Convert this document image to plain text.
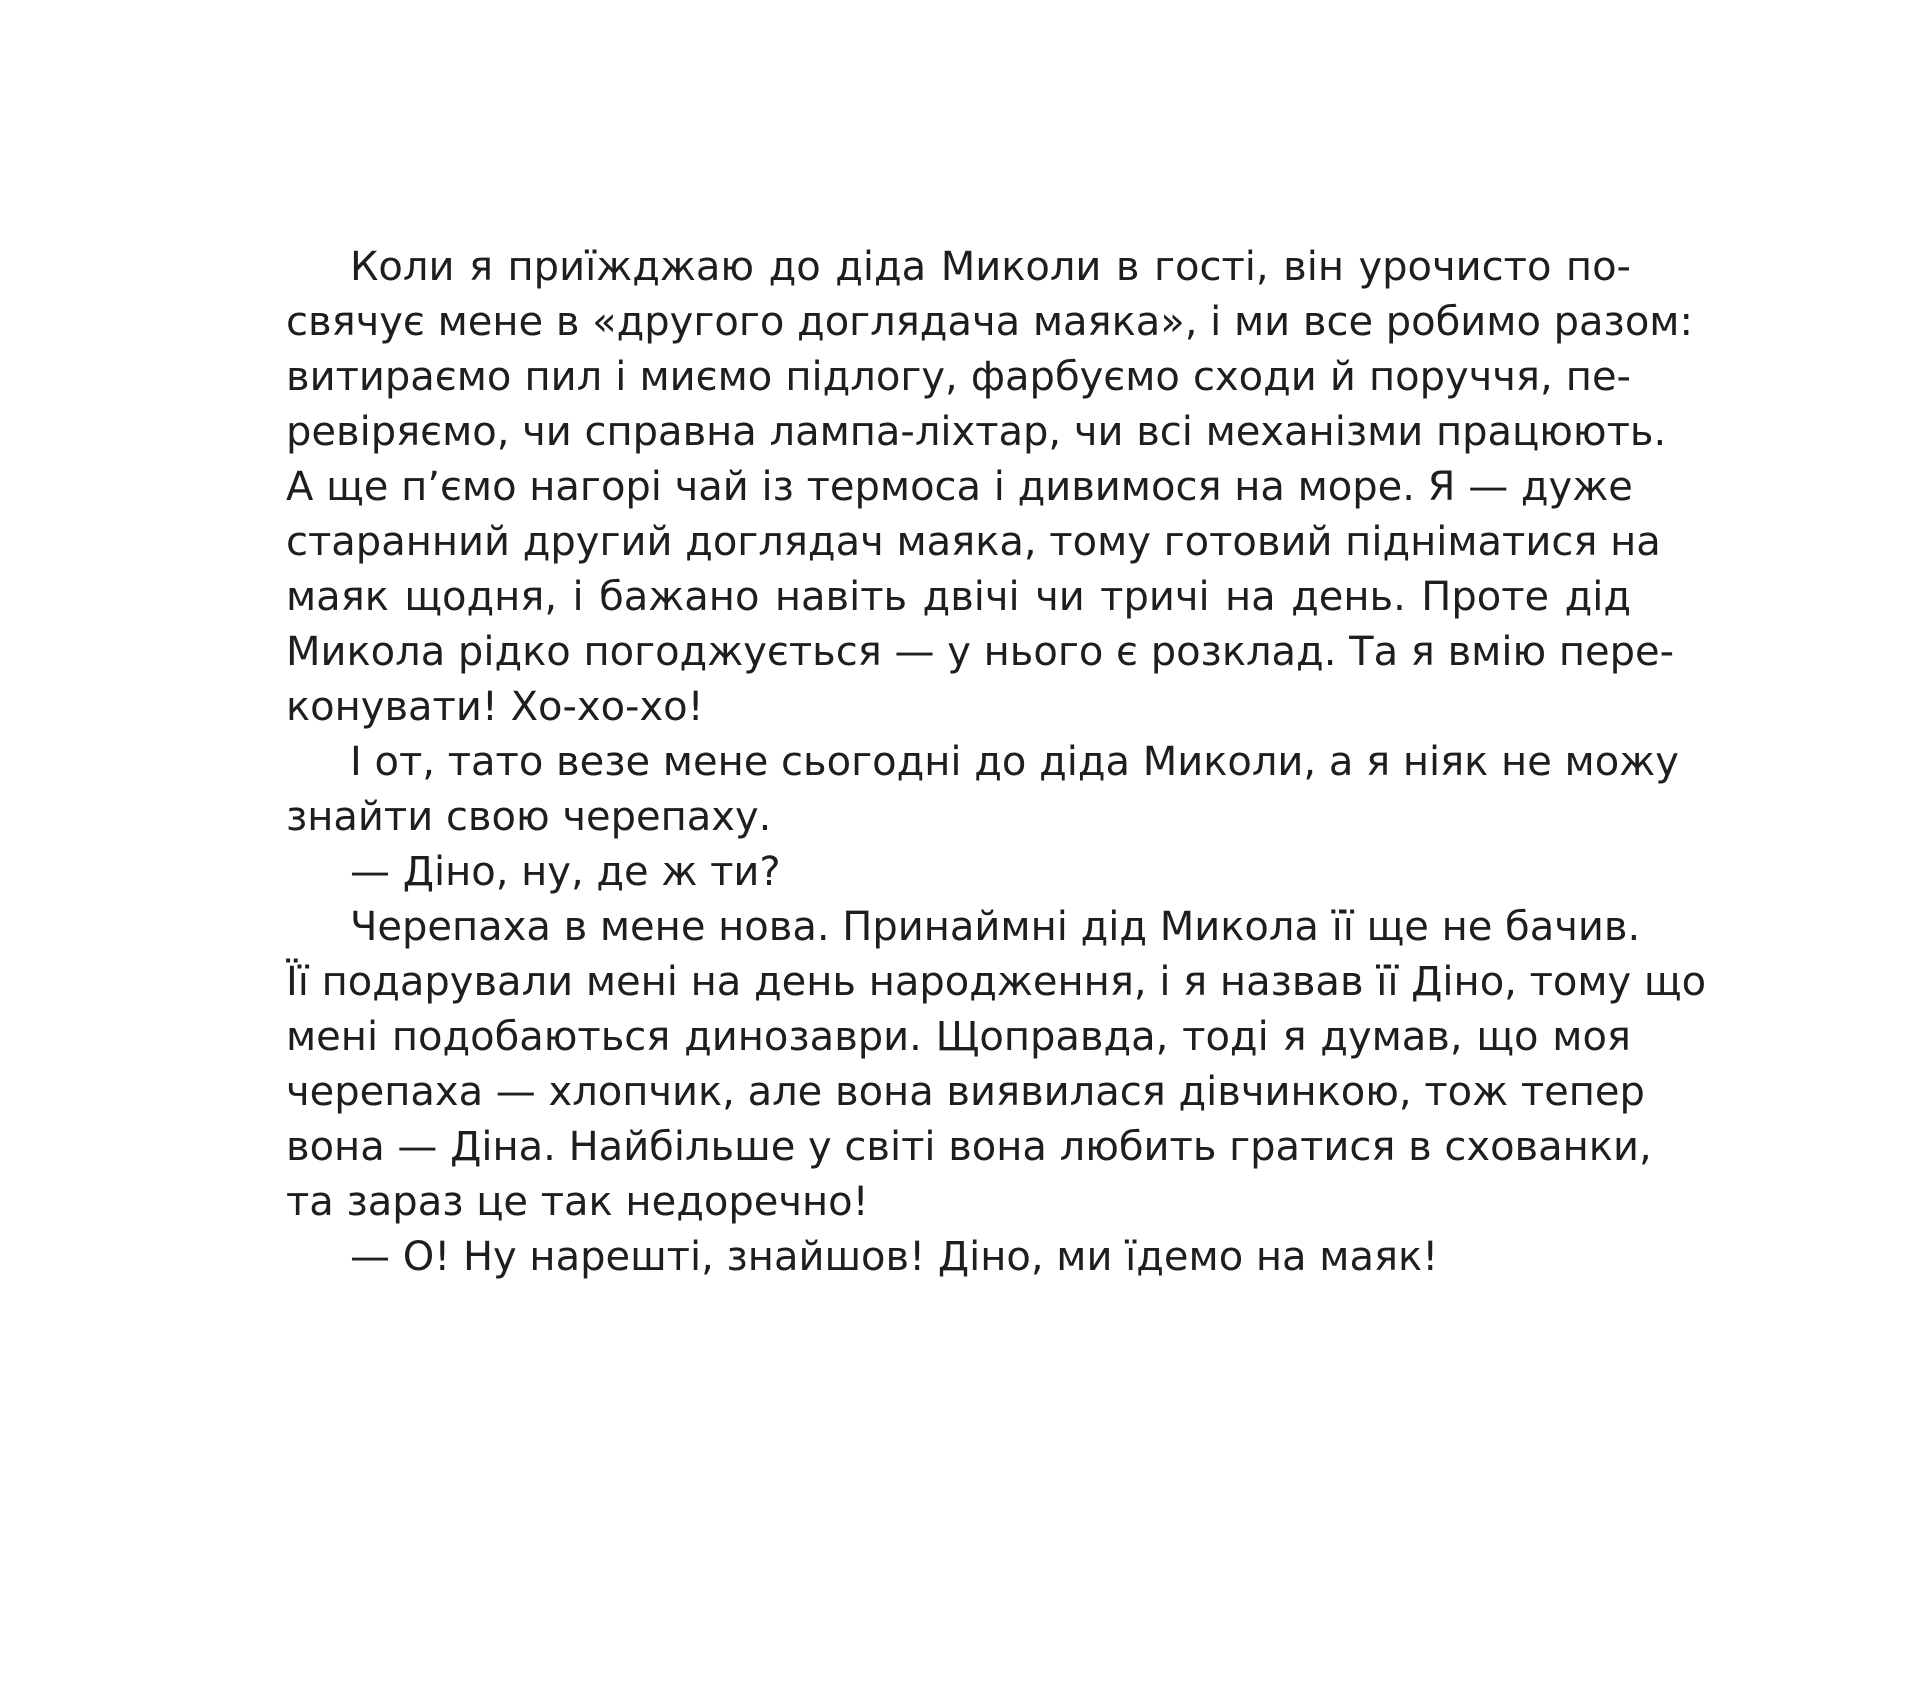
Коли я приїжджаю до діда Миколи в гості, він урочисто по-
свячує мене в «другого доглядача маяка», і ми все робимо разом:
витираємо пил і миємо підлогу, фарбуємо сходи й поруччя, пе-
ревіряємо, чи справна лампа-ліхтар, чи всі механізми працюють.
А ще п’ємо нагорі чай із термоса і дивимося на море. Я — дуже
старанний другий доглядач маяка, тому готовий підніматися на
маяк щодня, і бажано навіть двічі чи тричі на день. Проте дід
Микола рідко погоджується — у нього є розклад. Та я вмію пере-
конувати! Хо-хо-хо!
І от, тато везе мене сьогодні до діда Миколи, а я ніяк не можу
знайти свою черепаху.
— Діно, ну, де ж ти?
Черепаха в мене нова. Принаймні дід Микола її ще не бачив.
Її подарували мені на день народження, і я назвав її Діно, тому що
мені подобаються динозаври. Щоправда, тоді я думав, що моя
черепаха — хлопчик, але вона виявилася дівчинкою, тож тепер
вона — Діна. Найбільше у світі вона любить гратися в схованки,
та зараз це так недоречно!
— О! Ну нарешті, знайшов! Діно, ми їдемо на маяк!
